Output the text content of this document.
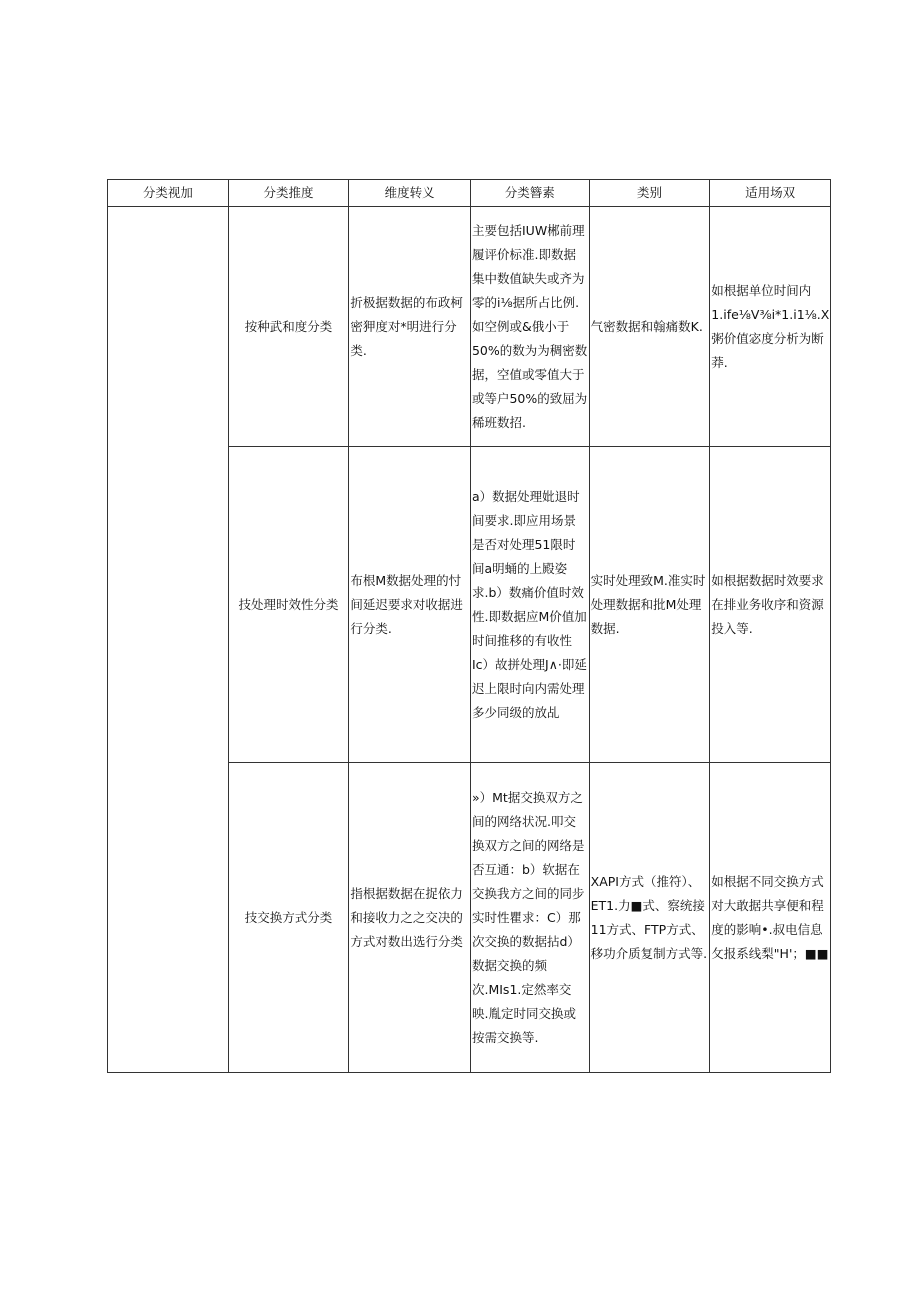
分类视加	分类推度	维度转义	分类簪素	类别	适用场双

	按种武和度分类	折极据数据的布政柯密狎度对*明进行分类.	主要包括IUW郴前理履评价标准.即数据集中数值缺失或齐为零的i⅛据所占比例.如空例或&俄小于50%的数为为稠密数据，空值或零值大于或等户50%的致屈为稀班数招.	气密数据和翰痛数K.	如根据单位时间内1.ife⅛V⅜i*1.i1⅛.X粥价值宓度分析为断莽.

	技处理时效性分类	布根M数据处理的忖间延迟要求对收据进行分类.	a）数据处理妣退时间要求.即应用场景是否对处理51限时间a明蛹的上殿姿求.b）数痛价值时效性.即数据应M价值加时间推移的有收性Ic）故拼处理J∧·即延迟上限时向内需处理多少同级的放乩	实时处理致M.准实时处理数据和批M处理数据.	如根据数据时效要求在排业务收序和资源投入等.

	技交换方式分类	指根据数据在捉依力和接收力之之交决的方式对数出选行分类	»）Mt据交换双方之间的网络状况.叩交换双方之间的网络是否互通：b）软据在交换我方之间的同步实时性瞿求：C）那次交换的数据拈d）数据交换的频次.MIs1.定然率交映.胤定时同交换或按需交换等.	XAPI方式（推符）、ET1.力■式、察统接11方式、FTP方式、移功介质复制方式等.	如根据不同交换方式对大敢据共享便和程度的影响•.叔电信息攵报系线梨"H'；■■
